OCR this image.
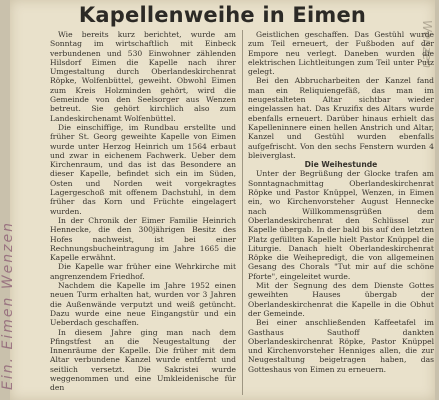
Kapellenweihe in Eimen
Wenzen

Wie bereits kurz berichtet, wurde am Sonntag im wirtschaftlich mit Einbeck verbundenen und 530 Einwohner zählenden Hilsdorf Eimen die Kapelle nach ihrer Umgestaltung durch Oberlandeskirchenrat Röpke, Wolfenbüttel, geweiht. Obwohl Eimen zum Kreis Holzminden gehört, wird die Gemeinde von den Seelsorger aus Wenzen betreut. Sie gehört kirchlich also zum Landeskirchenamt Wolfenbüttel.

Die einschiffige, im Rundbau erstellte und früher St. Georg geweihte Kapelle von Eimen wurde unter Herzog Heinrich um 1564 erbaut und zwar in eichenem Fachwerk. Ueber dem Kirchenraum, und das ist das Besondere an dieser Kapelle, befindet sich ein im Süden, Osten und Norden weit vorgekragtes Lagergeschoß mit offenem Dachstuhl, in dem früher das Korn und Früchte eingelagert wurden.

In der Chronik der Eimer Familie Heinrich Hennecke, die den 300jährigen Besitz des Hofes nachweist, ist bei einer Rechnungsbucheintragung im Jahre 1665 die Kapelle erwähnt.

Die Kapelle war früher eine Wehrkirche mit angrenzendem Friedhof.

Nachdem die Kapelle im Jahre 1952 einen neuen Turm erhalten hat, wurden vor 3 Jahren die Außenwände verputzt und weiß getüncht. Dazu wurde eine neue Eingangstür und ein Ueberdach geschaffen.

In diesem Jahre ging man nach dem Pfingstfest an die Neugestaltung der Innenräume der Kapelle. Die früher mit dem Altar verbundene Kanzel wurde entfernt und seitlich versetzt. Die Sakristei wurde weggenommen und eine Umkleidenische für den

Geistlichen geschaffen. Das Gestühl wurde zum Teil erneuert, der Fußboden auf der Empore neu verlegt. Daneben wurden die elektrischen Lichtleitungen zum Teil unter Putz gelegt.

Bei den Abbrucharbeiten der Kanzel fand man ein Reliquiengefäß, das man im neugestalteten Altar sichtbar wieder eingelassen hat. Das Kruzifix des Altars wurde ebenfalls erneuert. Darüber hinaus erhielt das Kapelleninnere einen hellen Anstrich und Altar, Kanzel und Gestühl wurden ebenfalls aufgefrischt. Von den sechs Fenstern wurden 4 bleiverglast.

Die Weihestunde

Unter der Begrüßung der Glocke trafen am Sonntagnachmittag Oberlandeskirchenrat Röpke und Pastor Knüppel, Wenzen, in Eimen ein, wo Kirchenvorsteher August Hennecke nach Willkommensgrüßen dem Oberlandeskirchenrat den Schlüssel zur Kapelle übergab. In der bald bis auf den letzten Platz gefüllten Kapelle hielt Pastor Knüppel die Liturgie. Danach hielt Oberlandeskirchenrat Röpke die Weihepredigt, die von allgemeinen Gesang des Chorals "Tut mir auf die schöne Pforte", eingeleitet wurde.

Mit der Segnung des dem Dienste Gottes geweihten Hauses übergab der Oberlandeskirchenrat die Kapelle in die Obhut der Gemeinde.

Bei einer anschließenden Kaffeetafel im Gasthaus Sauthoff dankten Oberlandeskirchenrat Röpke, Pastor Knüppel und Kirchenvorsteher Henniges allen, die zur Neugestaltung beigetragen haben, das Gotteshaus von Eimen zu erneuern.

Ein. Eimen Wenzen
